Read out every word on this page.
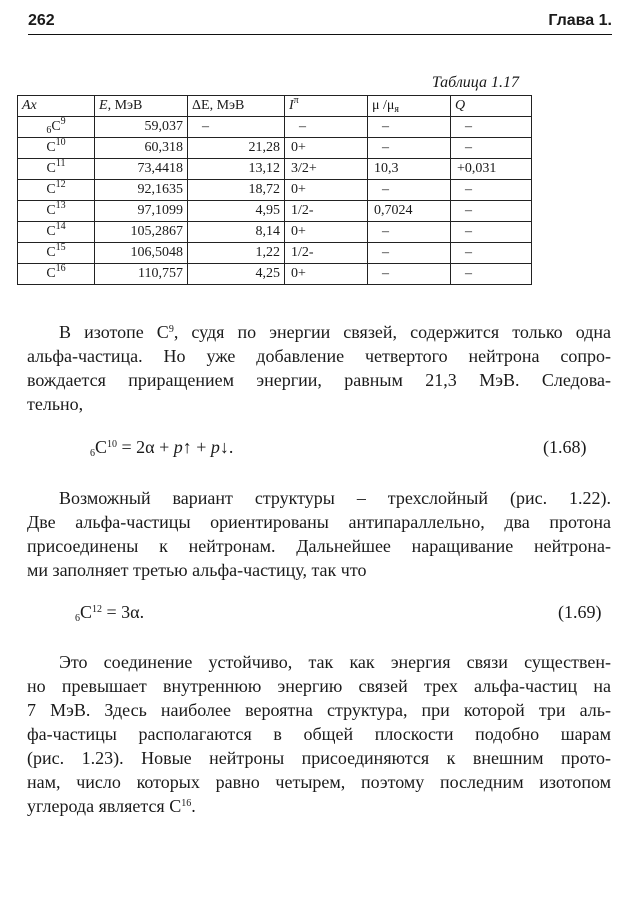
262	Глава 1.
Таблица 1.17
Ax	E, МэВ	ΔE, МэВ	$I^\pi$	μ $/\mu_я$	Q
$_6C^9$	59,037	–	–	–	–
$C^{10}$	60,318	21,28	0+	–	–
$C^{11}$	73,4418	13,12	3/2+	10,3	+0,031
$C^{12}$	92,1635	18,72	0+	–	–
$C^{13}$	97,1099	4,95	1/2-	0,7024	–
$C^{14}$	105,2867	8,14	0+	–	–
$C^{15}$	106,5048	1,22	1/2-	–	–
$C^{16}$	110,757	4,25	0+	–	–
В изотопе $С^9$, судя по энергии связей, содержится только одна
альфа-частица. Но уже добавление четвертого нейтрона сопро-
вождается приращением энергии, равным 21,3 МэВ. Следова-
тельно,
$_6C^{10} = 2\alpha$ + p↑ + p↓.	(1.68)
Возможный вариант структуры – трехслойный (рис. 1.22).
Две альфа-частицы ориентированы антипараллельно, два протона
присоединены к нейтронам. Дальнейшее наращивание нейтрона-
ми заполняет третью альфа-частицу, так что
$_6C^{12} = 3\alpha$.	(1.69)
Это соединение устойчиво, так как энергия связи существен-
но превышает внутреннюю энергию связей трех альфа-частиц на
7 МэВ. Здесь наиболее вероятна структура, при которой три аль-
фа-частицы располагаются в общей плоскости подобно шарам
(рис. 1.23). Новые нейтроны присоединяются к внешним прото-
нам, число которых равно четырем, поэтому последним изотопом
углерода является $С^{16}$.
